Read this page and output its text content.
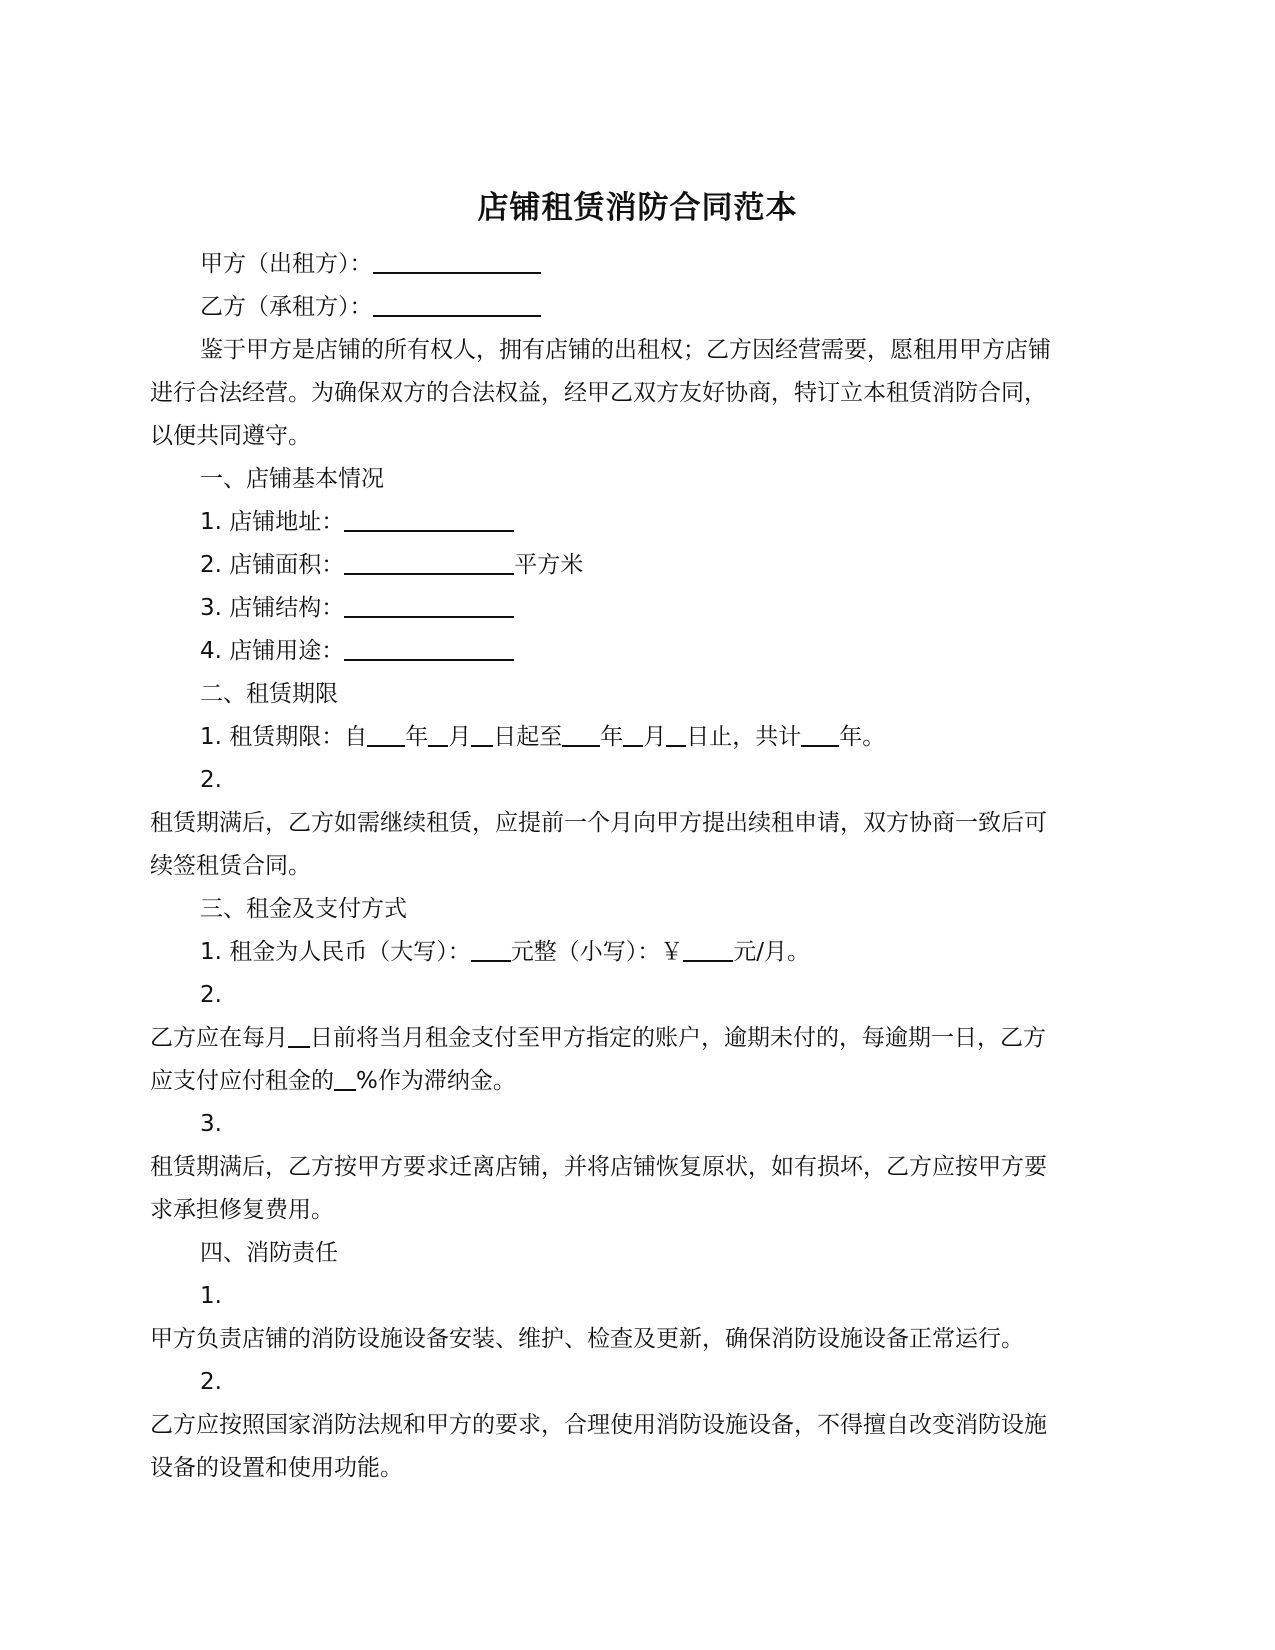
店铺租赁消防合同范本
甲方（出租方）：
乙方（承租方）：
鉴于甲方是店铺的所有权人，拥有店铺的出租权；乙方因经营需要，愿租用甲方店铺
进行合法经营。为确保双方的合法权益，经甲乙双方友好协商，特订立本租赁消防合同，
以便共同遵守。
一、店铺基本情况
1. 店铺地址：
2. 店铺面积：	平方米
3. 店铺结构：
4. 店铺用途：
二、租赁期限
1. 租赁期限：自 年 月 日起至 年 月 日止，共计 年。
2.
租赁期满后，乙方如需继续租赁，应提前一个月向甲方提出续租申请，双方协商一致后可
续签租赁合同。
三、租金及支付方式
1. 租金为人民币（大写）： 元整（小写）：￥ 元/月。
2.
乙方应在每月 日前将当月租金支付至甲方指定的账户，逾期未付的，每逾期一日，乙方
应支付应付租金的 %作为滞纳金。
3.
租赁期满后，乙方按甲方要求迁离店铺，并将店铺恢复原状，如有损坏，乙方应按甲方要
求承担修复费用。
四、消防责任
1.
甲方负责店铺的消防设施设备安装、维护、检查及更新，确保消防设施设备正常运行。
2.
乙方应按照国家消防法规和甲方的要求，合理使用消防设施设备，不得擅自改变消防设施
设备的设置和使用功能。
